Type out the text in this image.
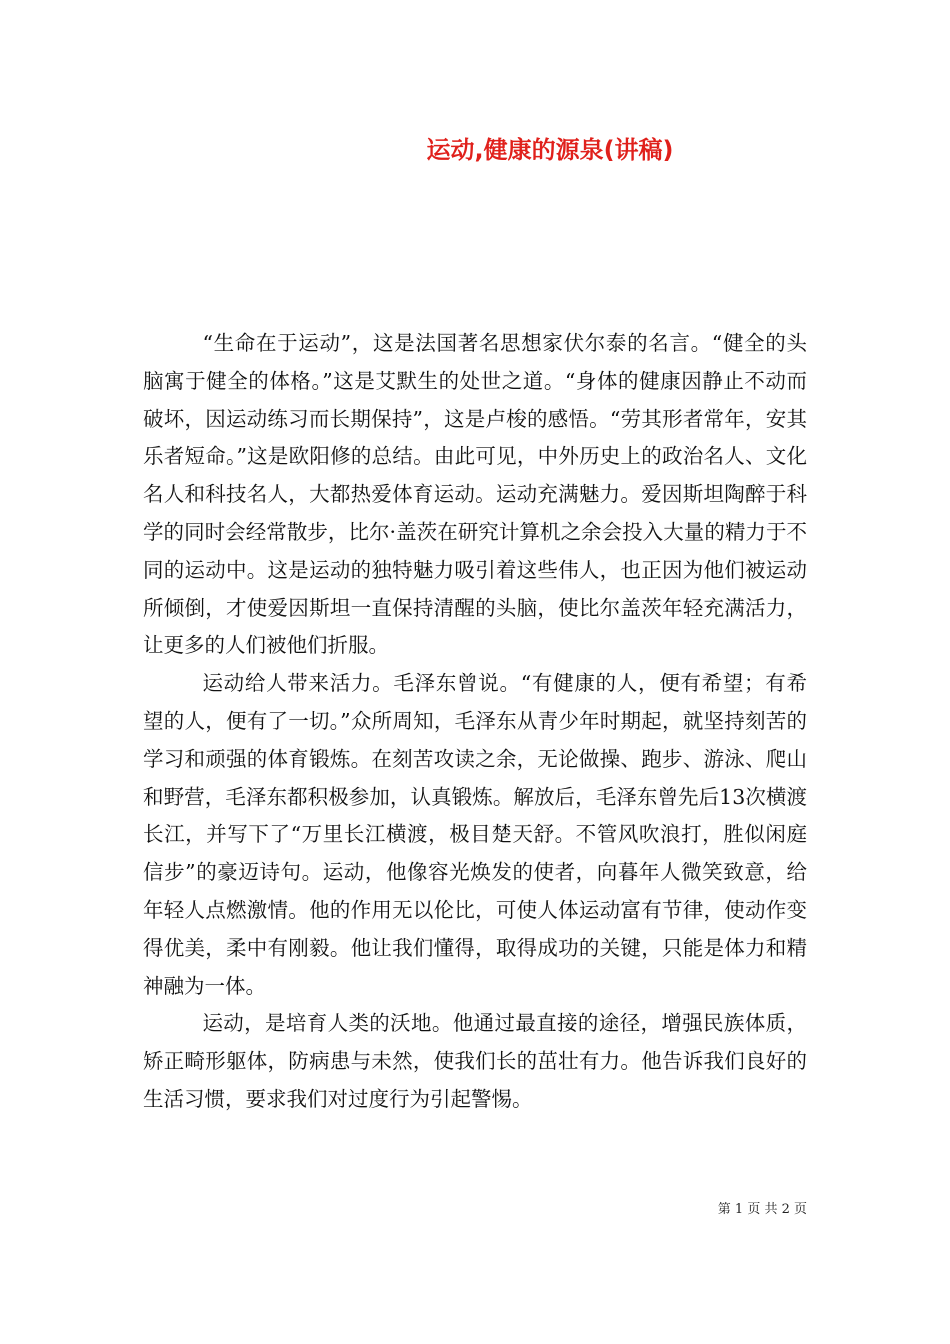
运动,健康的源泉(讲稿)

“生命在于运动”，这是法国著名思想家伏尔泰的名言。“健全的头脑寓于健全的体格。”这是艾默生的处世之道。“身体的健康因静止不动而破坏，因运动练习而长期保持”，这是卢梭的感悟。“劳其形者常年，安其乐者短命。”这是欧阳修的总结。由此可见，中外历史上的政治名人、文化名人和科技名人，大都热爱体育运动。运动充满魅力。爱因斯坦陶醉于科学的同时会经常散步，比尔·盖茨在研究计算机之余会投入大量的精力于不同的运动中。这是运动的独特魅力吸引着这些伟人，也正因为他们被运动所倾倒，才使爱因斯坦一直保持清醒的头脑，使比尔盖茨年轻充满活力，让更多的人们被他们折服。

运动给人带来活力。毛泽东曾说。“有健康的人，便有希望；有希望的人，便有了一切。”众所周知，毛泽东从青少年时期起，就坚持刻苦的学习和顽强的体育锻炼。在刻苦攻读之余，无论做操、跑步、游泳、爬山和野营，毛泽东都积极参加，认真锻炼。解放后，毛泽东曾先后13次横渡长江，并写下了“万里长江横渡，极目楚天舒。不管风吹浪打，胜似闲庭信步”的豪迈诗句。运动，他像容光焕发的使者，向暮年人微笑致意，给年轻人点燃激情。他的作用无以伦比，可使人体运动富有节律，使动作变得优美，柔中有刚毅。他让我们懂得，取得成功的关键，只能是体力和精神融为一体。

运动，是培育人类的沃地。他通过最直接的途径，增强民族体质，矫正畸形躯体，防病患与未然，使我们长的茁壮有力。他告诉我们良好的生活习惯，要求我们对过度行为引起警惕。

第 1 页 共 2 页
